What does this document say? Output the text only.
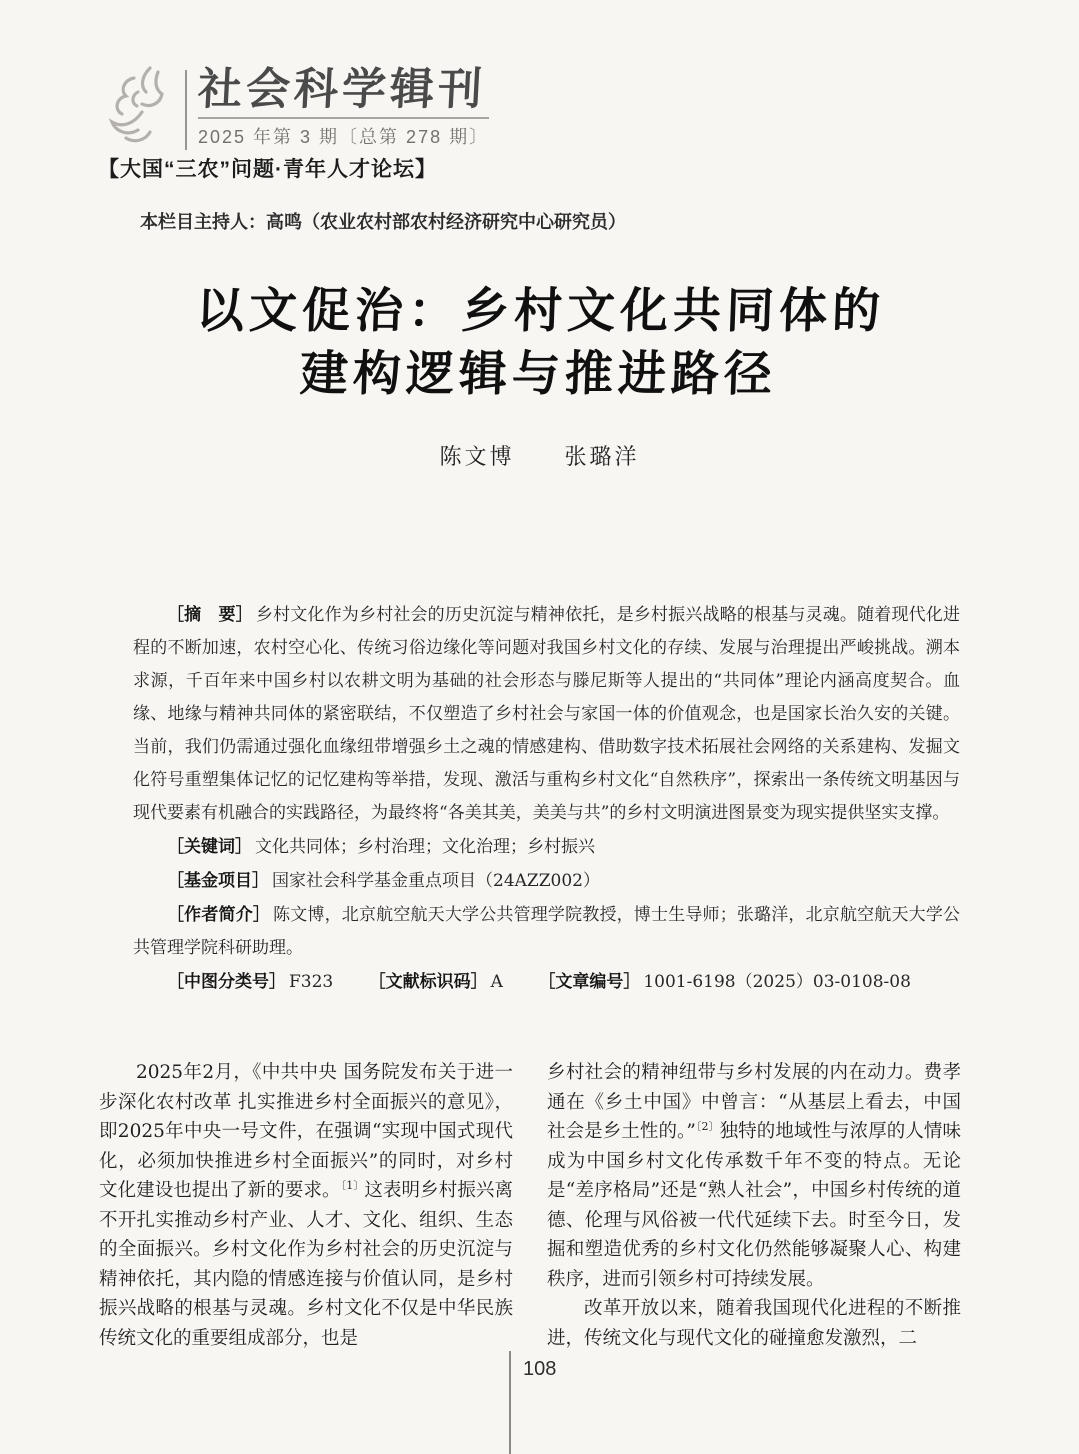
社会科学辑刊
2025 年第 3 期〔总第 278 期〕
【大国“三农”问题·青年人才论坛】
本栏目主持人：高鸣（农业农村部农村经济研究中心研究员）
以文促治：乡村文化共同体的
建构逻辑与推进路径
陈文博　　张璐洋

［摘　要］ 乡村文化作为乡村社会的历史沉淀与精神依托，是乡村振兴战略的根基与灵魂。随着现代化进程的不断加速，农村空心化、传统习俗边缘化等问题对我国乡村文化的存续、发展与治理提出严峻挑战。溯本求源，千百年来中国乡村以农耕文明为基础的社会形态与滕尼斯等人提出的“共同体”理论内涵高度契合。血缘、地缘与精神共同体的紧密联结，不仅塑造了乡村社会与家国一体的价值观念，也是国家长治久安的关键。当前，我们仍需通过强化血缘纽带增强乡土之魂的情感建构、借助数字技术拓展社会网络的关系建构、发掘文化符号重塑集体记忆的记忆建构等举措，发现、激活与重构乡村文化“自然秩序”，探索出一条传统文明基因与现代要素有机融合的实践路径，为最终将“各美其美，美美与共”的乡村文明演进图景变为现实提供坚实支撑。

［关键词］ 文化共同体；乡村治理；文化治理；乡村振兴

［基金项目］ 国家社会科学基金重点项目（24AZZ002）

［作者简介］ 陈文博，北京航空航天大学公共管理学院教授，博士生导师；张璐洋，北京航空航天大学公共管理学院科研助理。

［中图分类号］ F323 ［文献标识码］ A ［文章编号］ 1001-6198（2025）03-0108-08

2025年2月，《中共中央 国务院发布关于进一步深化农村改革 扎实推进乡村全面振兴的意见》，即2025年中央一号文件，在强调“实现中国式现代化，必须加快推进乡村全面振兴”的同时，对乡村文化建设也提出了新的要求。$^{〔1〕}$这表明乡村振兴离不开扎实推动乡村产业、人才、文化、组织、生态的全面振兴。乡村文化作为乡村社会的历史沉淀与精神依托，其内隐的情感连接与价值认同，是乡村振兴战略的根基与灵魂。乡村文化不仅是中华民族传统文化的重要组成部分，也是

乡村社会的精神纽带与乡村发展的内在动力。费孝通在《乡土中国》中曾言：“从基层上看去，中国社会是乡土性的。”$^{〔2〕}$独特的地域性与浓厚的人情味成为中国乡村文化传承数千年不变的特点。无论是“差序格局”还是“熟人社会”，中国乡村传统的道德、伦理与风俗被一代代延续下去。时至今日，发掘和塑造优秀的乡村文化仍然能够凝聚人心、构建秩序，进而引领乡村可持续发展。

改革开放以来，随着我国现代化进程的不断推进，传统文化与现代文化的碰撞愈发激烈，二

108
